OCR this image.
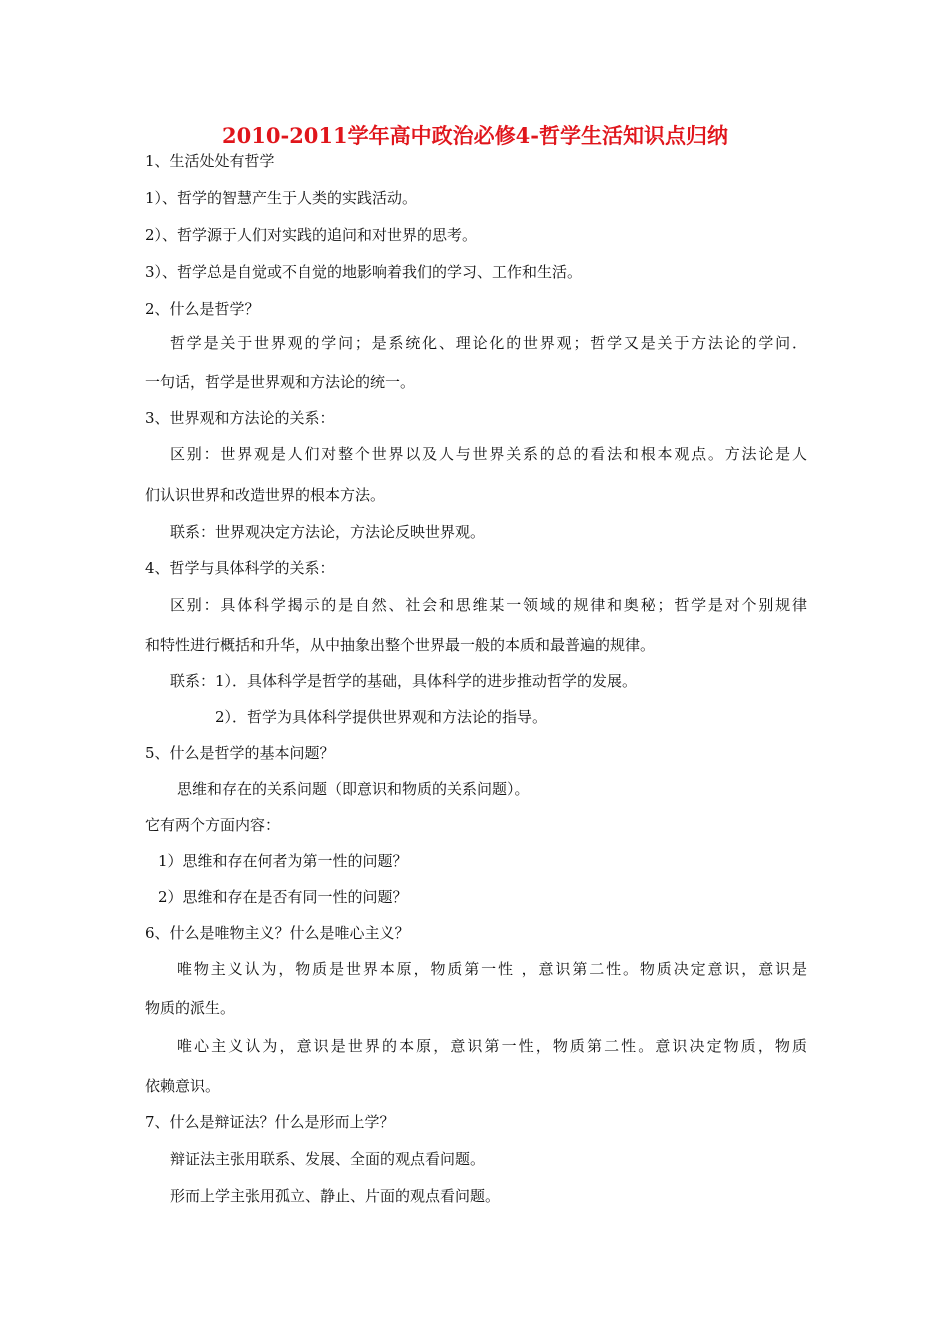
2010-2011学年高中政治必修4-哲学生活知识点归纳
1、生活处处有哲学
1）、哲学的智慧产生于人类的实践活动。
2）、哲学源于人们对实践的追问和对世界的思考。
3）、哲学总是自觉或不自觉的地影响着我们的学习、工作和生活。
2、什么是哲学？
哲学是关于世界观的学问；是系统化、理论化的世界观；哲学又是关于方法论的学问．
一句话，哲学是世界观和方法论的统一。
3、世界观和方法论的关系：
区别：世界观是人们对整个世界以及人与世界关系的总的看法和根本观点。方法论是人
们认识世界和改造世界的根本方法。
联系：世界观决定方法论，方法论反映世界观。
4、哲学与具体科学的关系：
区别：具体科学揭示的是自然、社会和思维某一领域的规律和奥秘；哲学是对个别规律
和特性进行概括和升华，从中抽象出整个世界最一般的本质和最普遍的规律。
联系：1）．具体科学是哲学的基础，具体科学的进步推动哲学的发展。
2）．哲学为具体科学提供世界观和方法论的指导。
5、什么是哲学的基本问题？
思维和存在的关系问题（即意识和物质的关系问题）。
它有两个方面内容：
1）思维和存在何者为第一性的问题？
2）思维和存在是否有同一性的问题？
6、什么是唯物主义？什么是唯心主义？
唯物主义认为，物质是世界本原，物质第一性 ，意识第二性。物质决定意识，意识是
物质的派生。
唯心主义认为，意识是世界的本原，意识第一性，物质第二性。意识决定物质，物质
依赖意识。
7、什么是辩证法？什么是形而上学？
辩证法主张用联系、发展、全面的观点看问题。
形而上学主张用孤立、静止、片面的观点看问题。
